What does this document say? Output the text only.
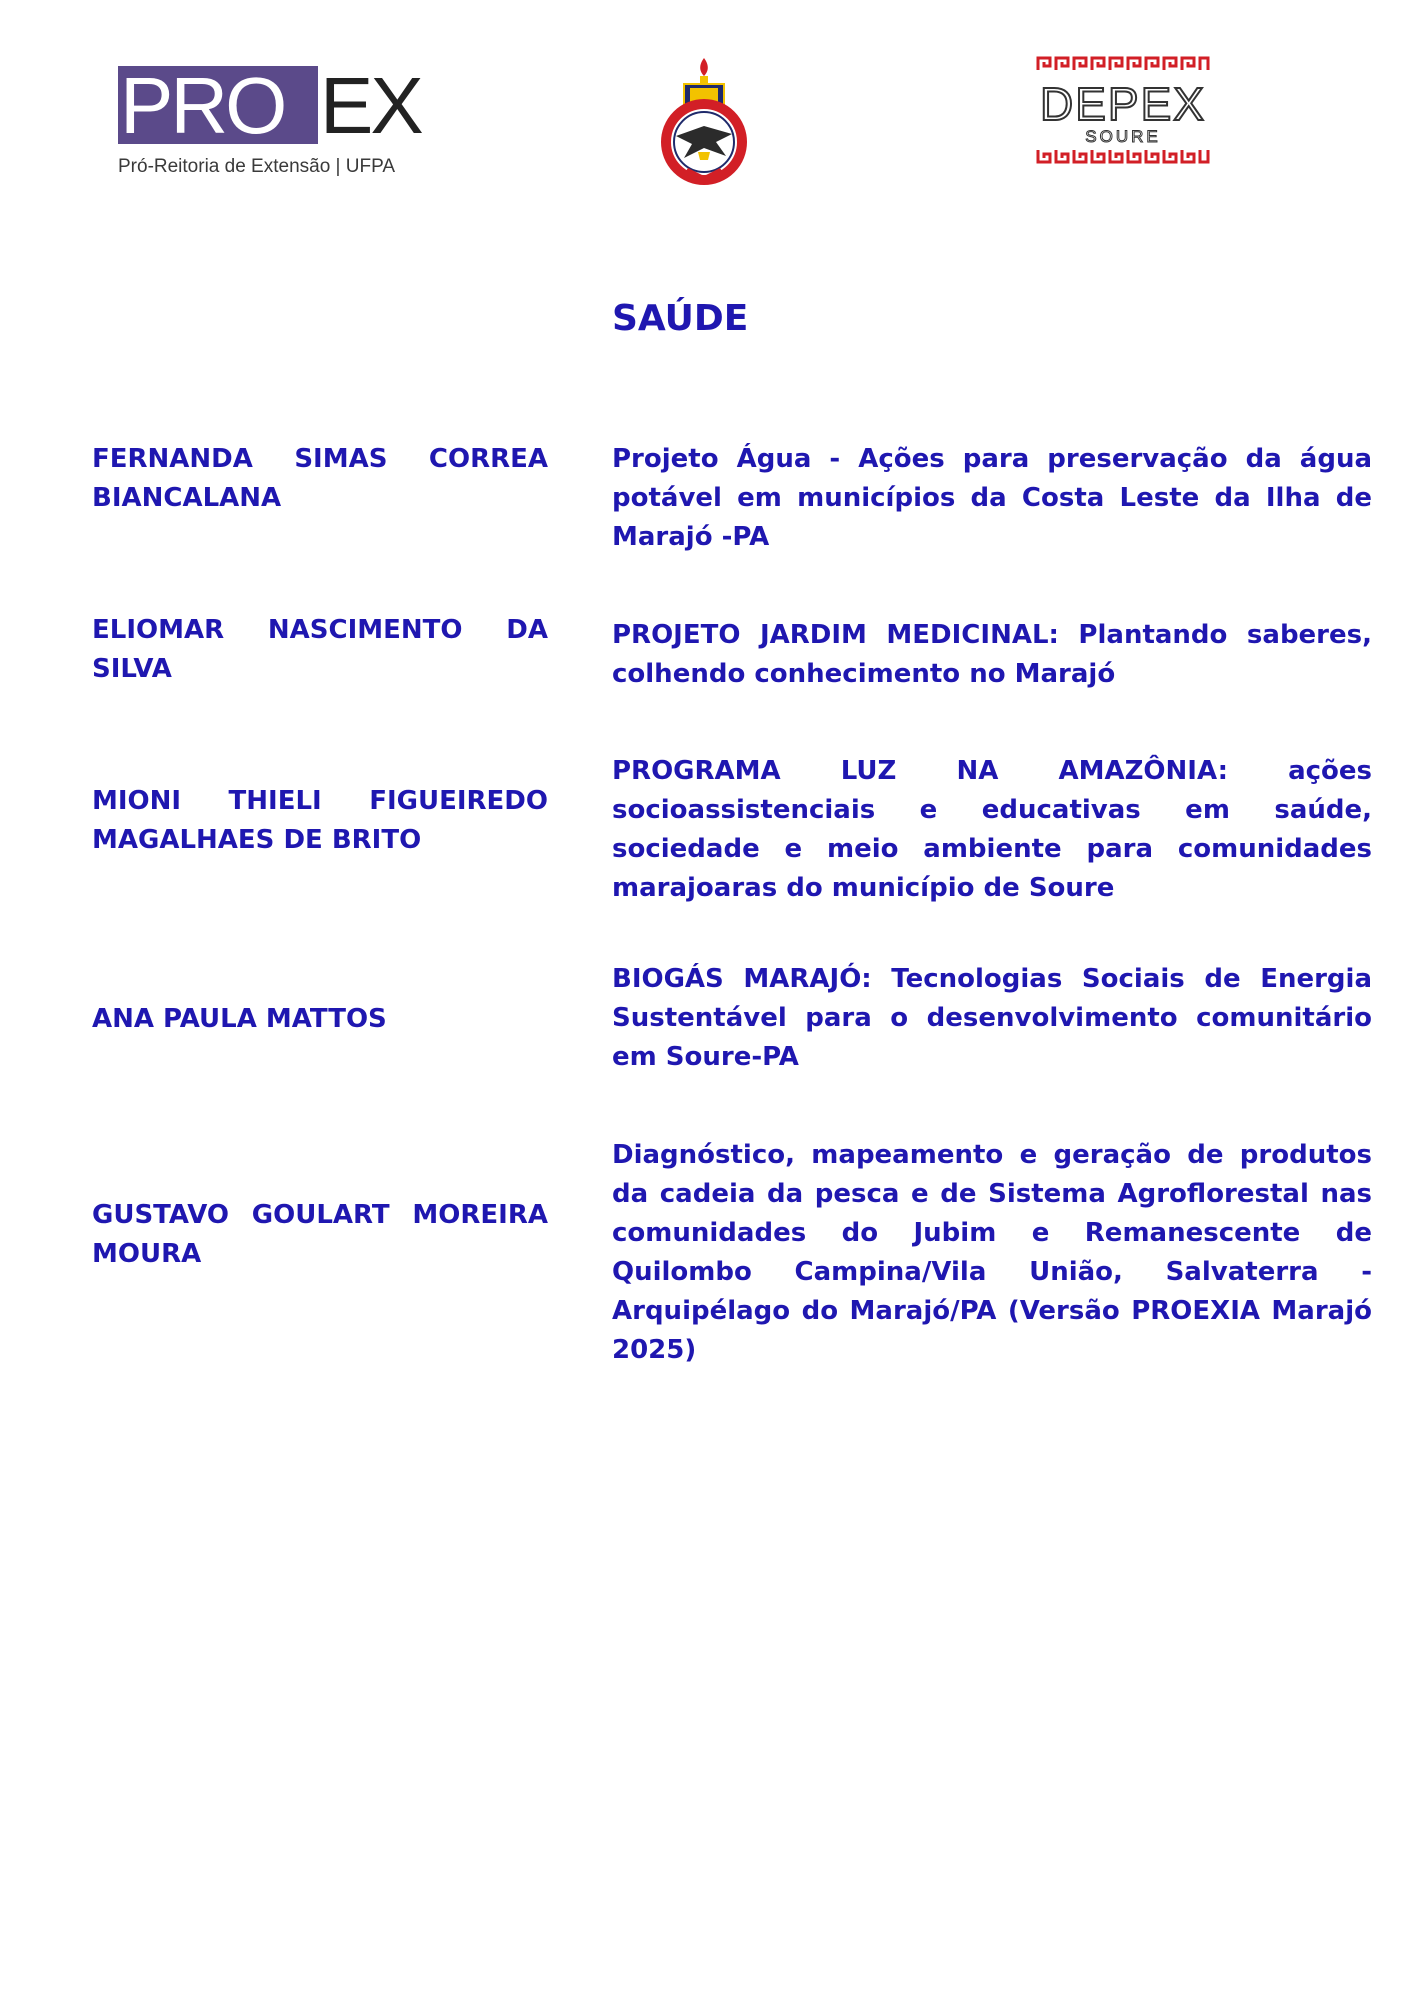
PRO EX
Pró-Reitoria de Extensão | UFPA
DEPEX
SOURE
SAÚDE
FERNANDA SIMAS CORREA BIANCALANA
Projeto Água - Ações para preservação da água potável em municípios da Costa Leste da Ilha de Marajó -PA
ELIOMAR NASCIMENTO DA SILVA
PROJETO JARDIM MEDICINAL: Plantando saberes, colhendo conhecimento no Marajó
MIONI THIELI FIGUEIREDO MAGALHAES DE BRITO
PROGRAMA LUZ NA AMAZÔNIA: ações socioassistenciais e educativas em saúde, sociedade e meio ambiente para comunidades marajoaras do município de Soure
ANA PAULA MATTOS
BIOGÁS MARAJÓ: Tecnologias Sociais de Energia Sustentável para o desenvolvimento comunitário em Soure-PA
GUSTAVO GOULART MOREIRA MOURA
Diagnóstico, mapeamento e geração de produtos da cadeia da pesca e de Sistema Agroflorestal nas comunidades do Jubim e Remanescente de Quilombo Campina/Vila União, Salvaterra - Arquipélago do Marajó/PA (Versão PROEXIA Marajó 2025)
